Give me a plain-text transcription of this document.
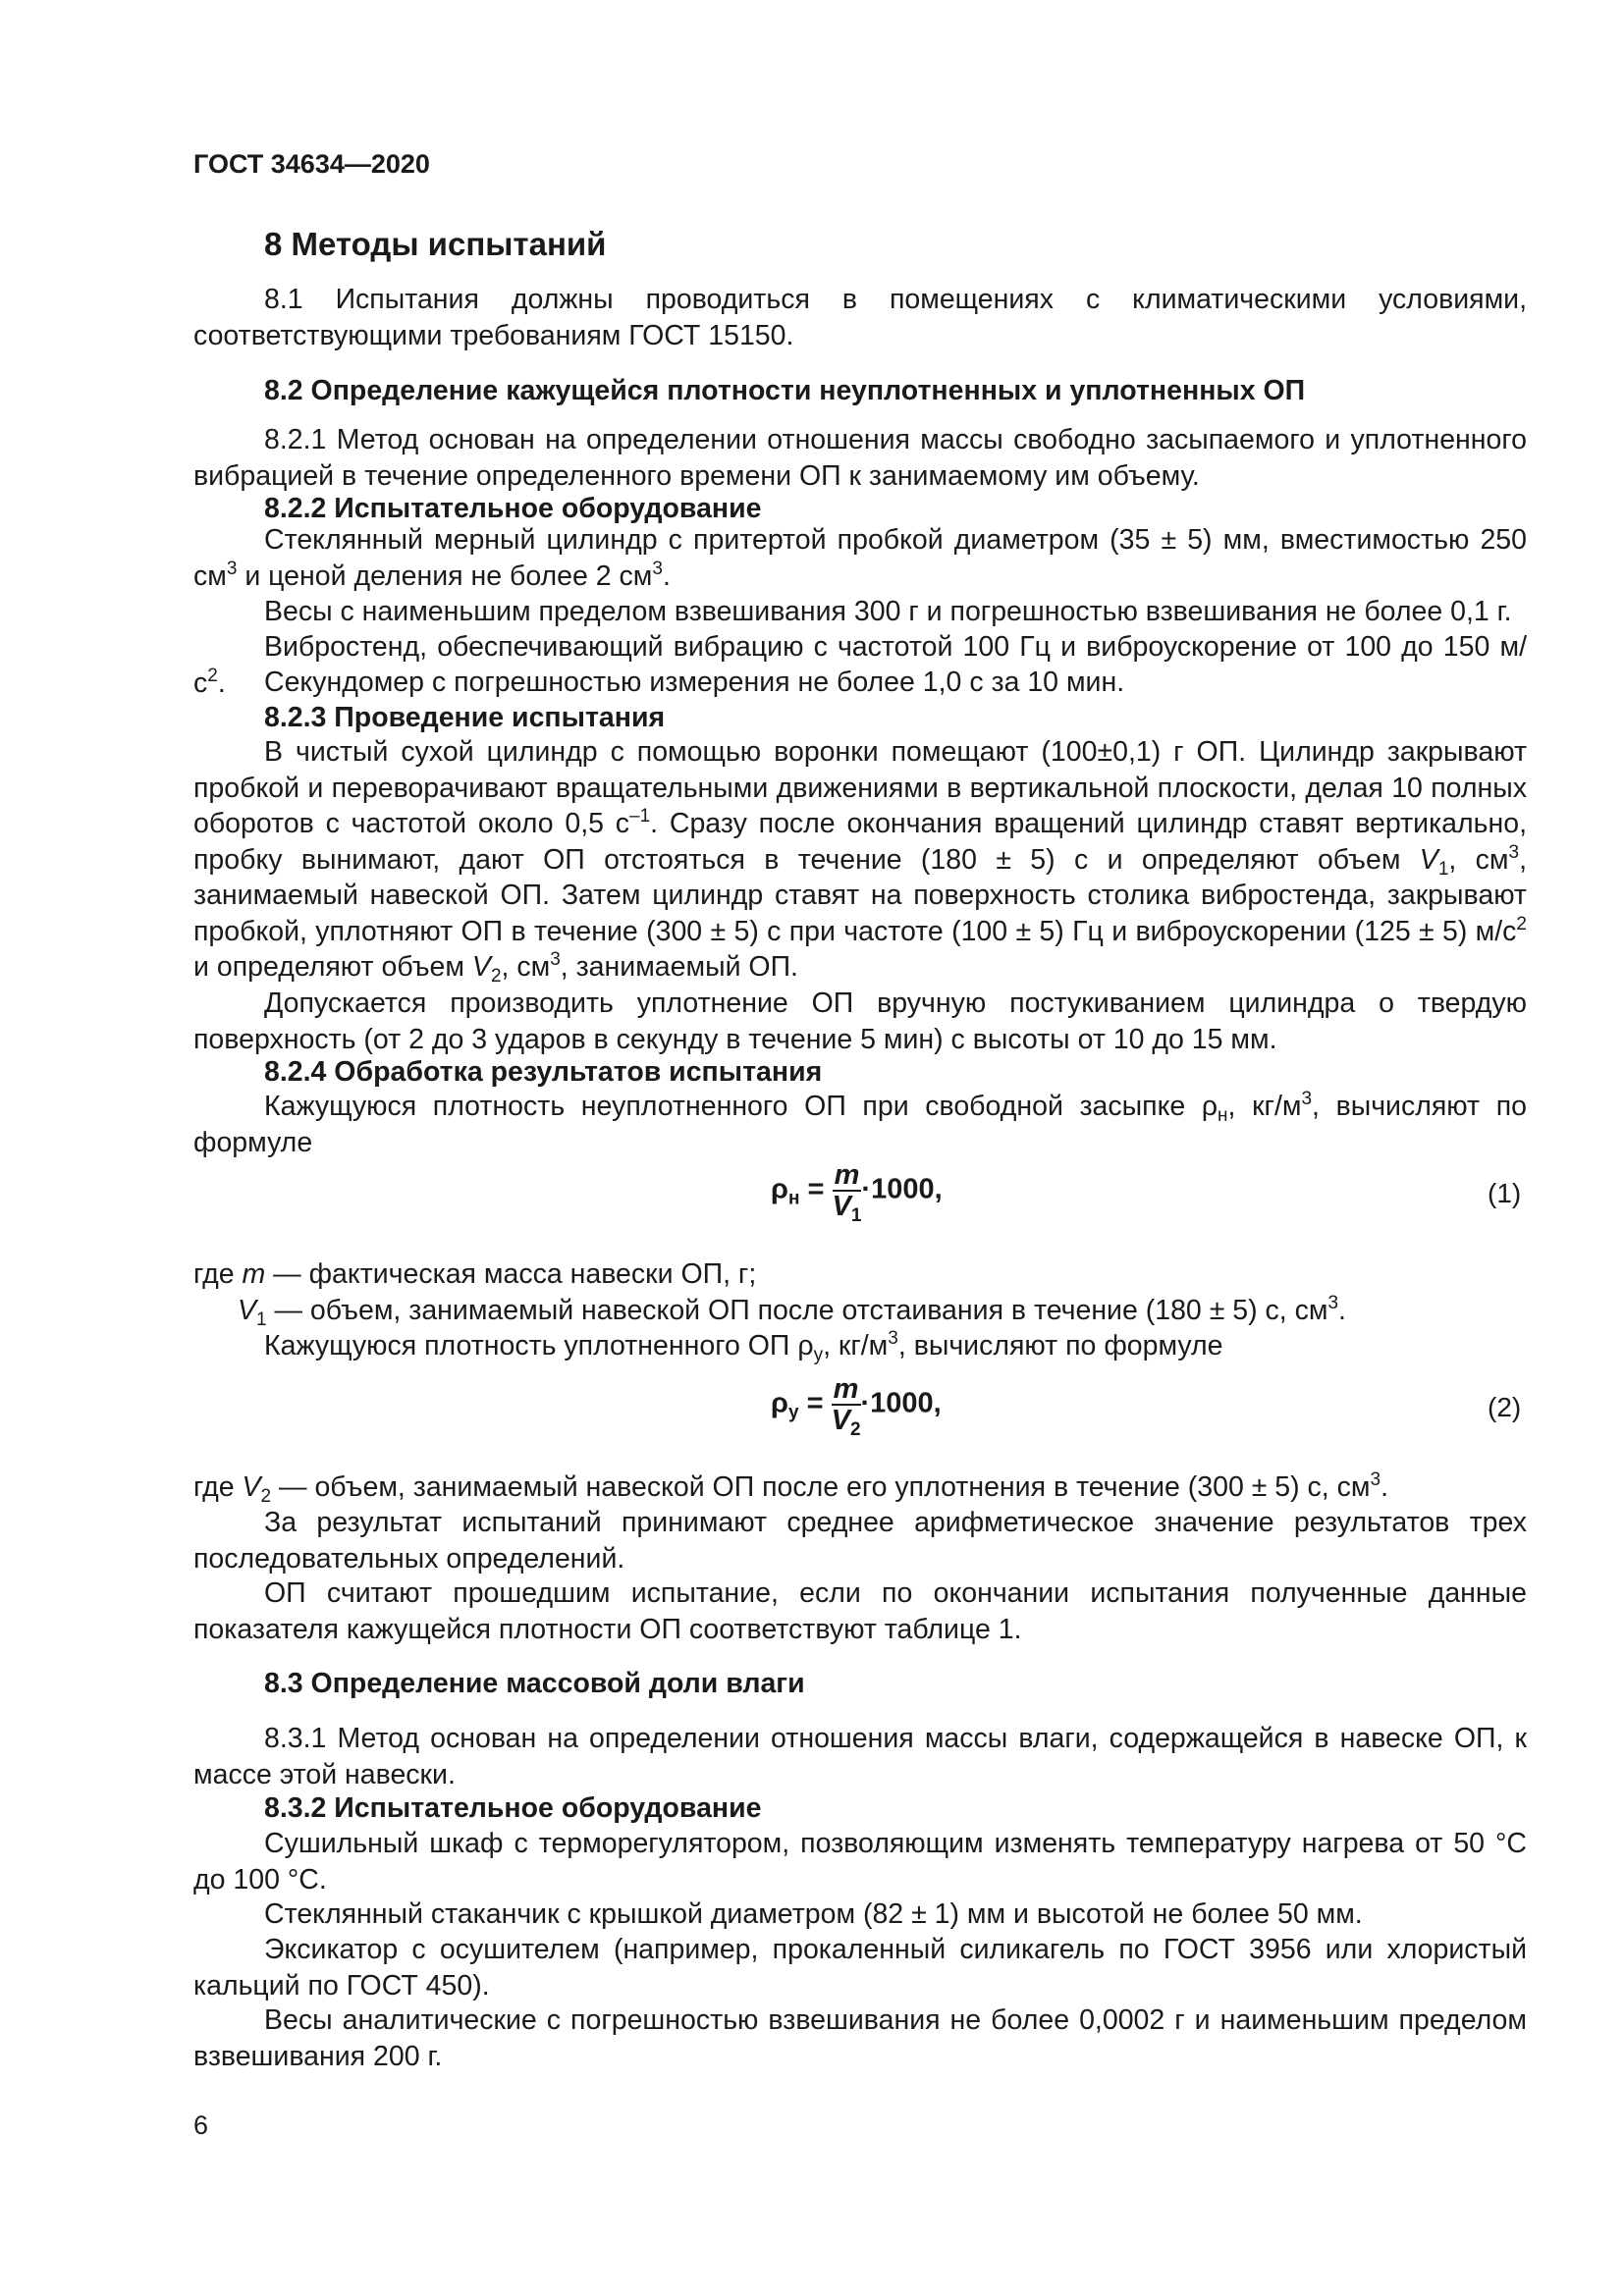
ГОСТ 34634—2020
8 Методы испытаний
8.1 Испытания должны проводиться в помещениях с климатическими условиями, соответствующими требованиям ГОСТ 15150.
8.2 Определение кажущейся плотности неуплотненных и уплотненных ОП
8.2.1 Метод основан на определении отношения массы свободно засыпаемого и уплотненного вибрацией в течение определенного времени ОП к занимаемому им объему.
8.2.2 Испытательное оборудование
Стеклянный мерный цилиндр с притертой пробкой диаметром (35 ± 5) мм, вместимостью 250 $см^3$ и ценой деления не более 2 $см^3$.
Весы с наименьшим пределом взвешивания 300 г и погрешностью взвешивания не более 0,1 г.
Вибростенд, обеспечивающий вибрацию с частотой 100 Гц и виброускорение от 100 до 150 $м/с^2$.	Секундомер с погрешностью измерения не более 1,0 с за 10 мин.
8.2.3 Проведение испытания
В чистый сухой цилиндр с помощью воронки помещают (100±0,1) г ОП. Цилиндр закрывают пробкой и переворачивают вращательными движениями в вертикальной плоскости, делая 10 полных оборотов с частотой около 0,5 $с^{-1}$. Сразу после окончания вращений цилиндр ставят вертикально, пробку вынимают, дают ОП отстояться в течение (180 ± 5) с и определяют объем $V_1$, $см^3$, занимаемый навеской ОП. Затем цилиндр ставят на поверхность столика вибростенда, закрывают пробкой, уплотняют ОП в течение (300 ± 5) с при частоте (100 ± 5) Гц и виброускорении (125 ± 5) $м/с^2$ и определяют объем $V_2$, $см^3$, занимаемый ОП.
Допускается производить уплотнение ОП вручную постукиванием цилиндра о твердую поверхность (от 2 до 3 ударов в секунду в течение 5 мин) с высоты от 10 до 15 мм.
8.2.4 Обработка результатов испытания
Кажущуюся плотность неуплотненного ОП при свободной засыпке $\rho_н$, $кг/м^3$, вычисляют по формуле
$\rho_н = \frac{m}{V_1} \cdot 1000$,	(1)
где m — фактическая масса навески ОП, г;
$V_1$ — объем, занимаемый навеской ОП после отстаивания в течение (180 ± 5) с, $см^3$.
Кажущуюся плотность уплотненного ОП $\rho_у$, $кг/м^3$, вычисляют по формуле
$\rho_у = \frac{m}{V_2} \cdot 1000$,	(2)
где $V_2$ — объем, занимаемый навеской ОП после его уплотнения в течение (300 ± 5) с, $см^3$.
За результат испытаний принимают среднее арифметическое значение результатов трех последовательных определений.
ОП считают прошедшим испытание, если по окончании испытания полученные данные показателя кажущейся плотности ОП соответствуют таблице 1.
8.3 Определение массовой доли влаги
8.3.1 Метод основан на определении отношения массы влаги, содержащейся в навеске ОП, к массе этой навески.
8.3.2 Испытательное оборудование
Сушильный шкаф с терморегулятором, позволяющим изменять температуру нагрева от 50 °С до 100 °С.
Стеклянный стаканчик с крышкой диаметром (82 ± 1) мм и высотой не более 50 мм.
Эксикатор с осушителем (например, прокаленный силикагель по ГОСТ 3956 или хлористый кальций по ГОСТ 450).
Весы аналитические с погрешностью взвешивания не более 0,0002 г и наименьшим пределом взвешивания 200 г.
6
